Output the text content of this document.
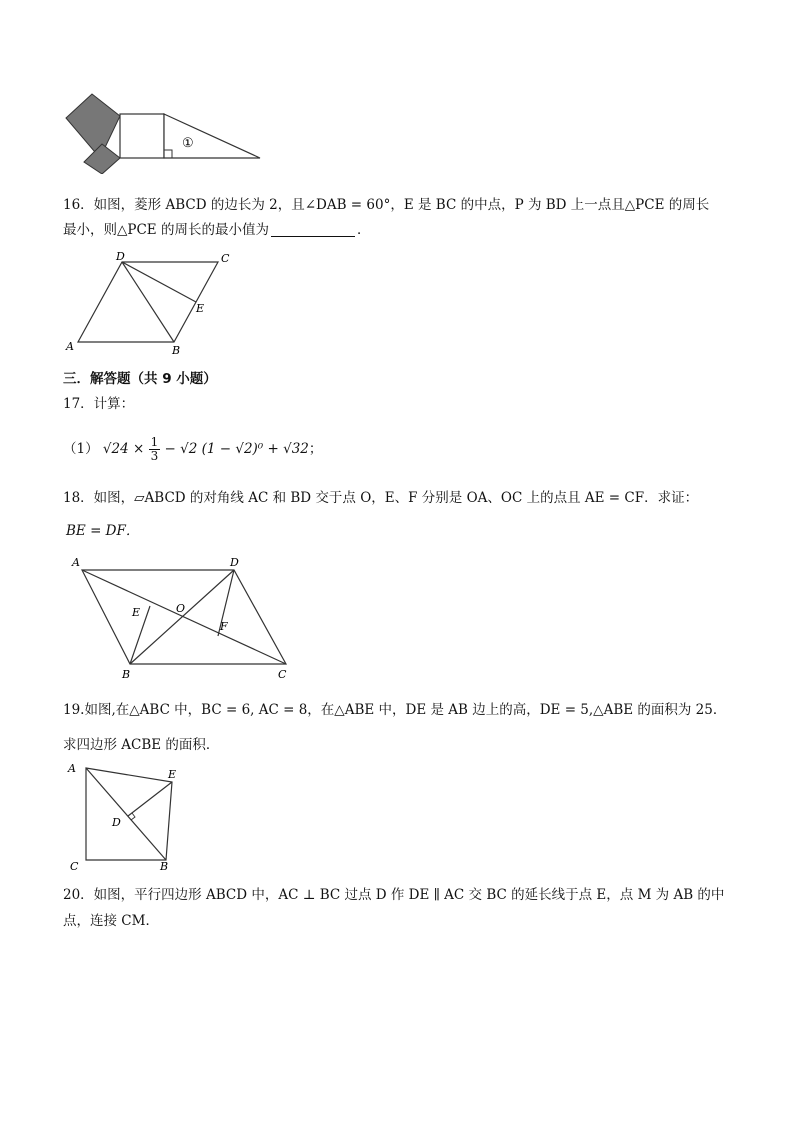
①
16．如图，菱形 ABCD 的边长为 2，且∠DAB = 60°，E 是 BC 的中点，P 为 BD 上一点且△PCE 的周长
最小，则△PCE 的周长的最小值为	．
D	C
E
A	B
三．解答题（共 9 小题）
17．计算：
（1） $√24 \times \frac{1}{3} - √2$ (1 − √2)⁰ + √32；
18．如图，▱ABCD 的对角线 AC 和 BD 交于点 O，E、F 分别是 OA、OC 上的点且 AE = CF．求证：
BE = DF．
A	D
E	O
F
B	C
19.如图,在△ABC 中，BC = 6, AC = 8，在△ABE 中，DE 是 AB 边上的高，DE = 5,△ABE 的面积为 25．
求四边形 ACBE 的面积．
A	E
D
C	B
20．如图，平行四边形 ABCD 中，AC ⊥ BC 过点 D 作 DE ∥ AC 交 BC 的延长线于点 E，点 M 为 AB 的中
点，连接 CM．
